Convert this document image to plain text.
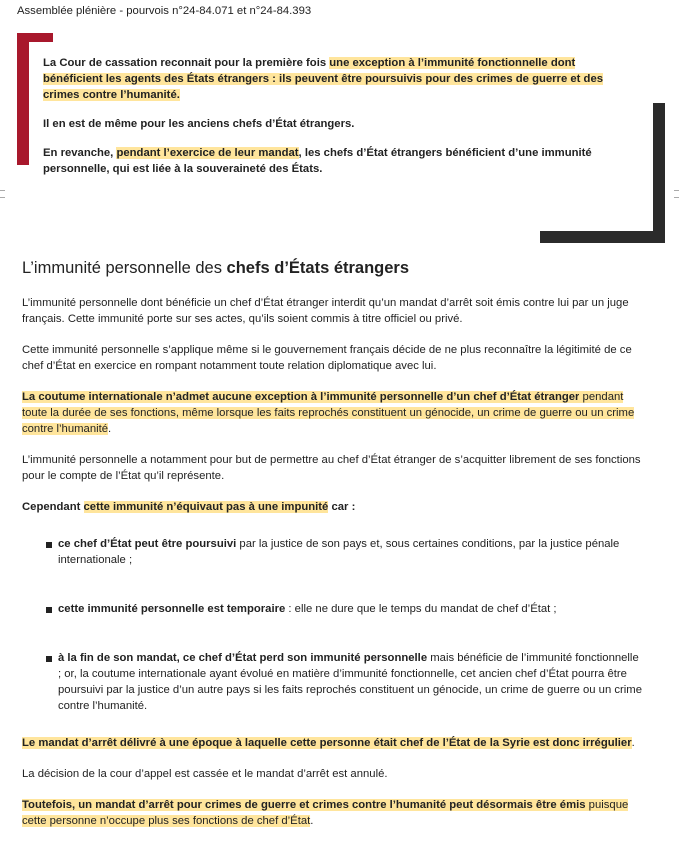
Assemblée plénière - pourvois n°24-84.071 et n°24-84.393

La Cour de cassation reconnait pour la première fois une exception à l’immunité fonctionnelle dont bénéficient les agents des États étrangers : ils peuvent être poursuivis pour des crimes de guerre et des crimes contre l’humanité.

Il en est de même pour les anciens chefs d’État étrangers.

En revanche, pendant l’exercice de leur mandat, les chefs d’État étrangers bénéficient d’une immunité personnelle, qui est liée à la souveraineté des États.

L’immunité personnelle des chefs d’États étrangers

L’immunité personnelle dont bénéficie un chef d’État étranger interdit qu’un mandat d’arrêt soit émis contre lui par un juge français. Cette immunité porte sur ses actes, qu’ils soient commis à titre officiel ou privé.

Cette immunité personnelle s’applique même si le gouvernement français décide de ne plus reconnaître la légitimité de ce chef d’État en exercice en rompant notamment toute relation diplomatique avec lui.

La coutume internationale n’admet aucune exception à l’immunité personnelle d’un chef d’État étranger pendant toute la durée de ses fonctions, même lorsque les faits reprochés constituent un génocide, un crime de guerre ou un crime contre l’humanité.

L’immunité personnelle a notamment pour but de permettre au chef d’État étranger de s’acquitter librement de ses fonctions pour le compte de l’État qu’il représente.

Cependant cette immunité n’équivaut pas à une impunité car :

ce chef d’État peut être poursuivi par la justice de son pays et, sous certaines conditions, par la justice pénale internationale ;
cette immunité personnelle est temporaire : elle ne dure que le temps du mandat de chef d’État ;
à la fin de son mandat, ce chef d’État perd son immunité personnelle mais bénéficie de l’immunité fonctionnelle ; or, la coutume internationale ayant évolué en matière d’immunité fonctionnelle, cet ancien chef d’État pourra être poursuivi par la justice d’un autre pays si les faits reprochés constituent un génocide, un crime de guerre ou un crime contre l’humanité.

Le mandat d’arrêt délivré à une époque à laquelle cette personne était chef de l’État de la Syrie est donc irrégulier.

La décision de la cour d’appel est cassée et le mandat d’arrêt est annulé.

Toutefois, un mandat d’arrêt pour crimes de guerre et crimes contre l’humanité peut désormais être émis puisque cette personne n’occupe plus ses fonctions de chef d’État.
